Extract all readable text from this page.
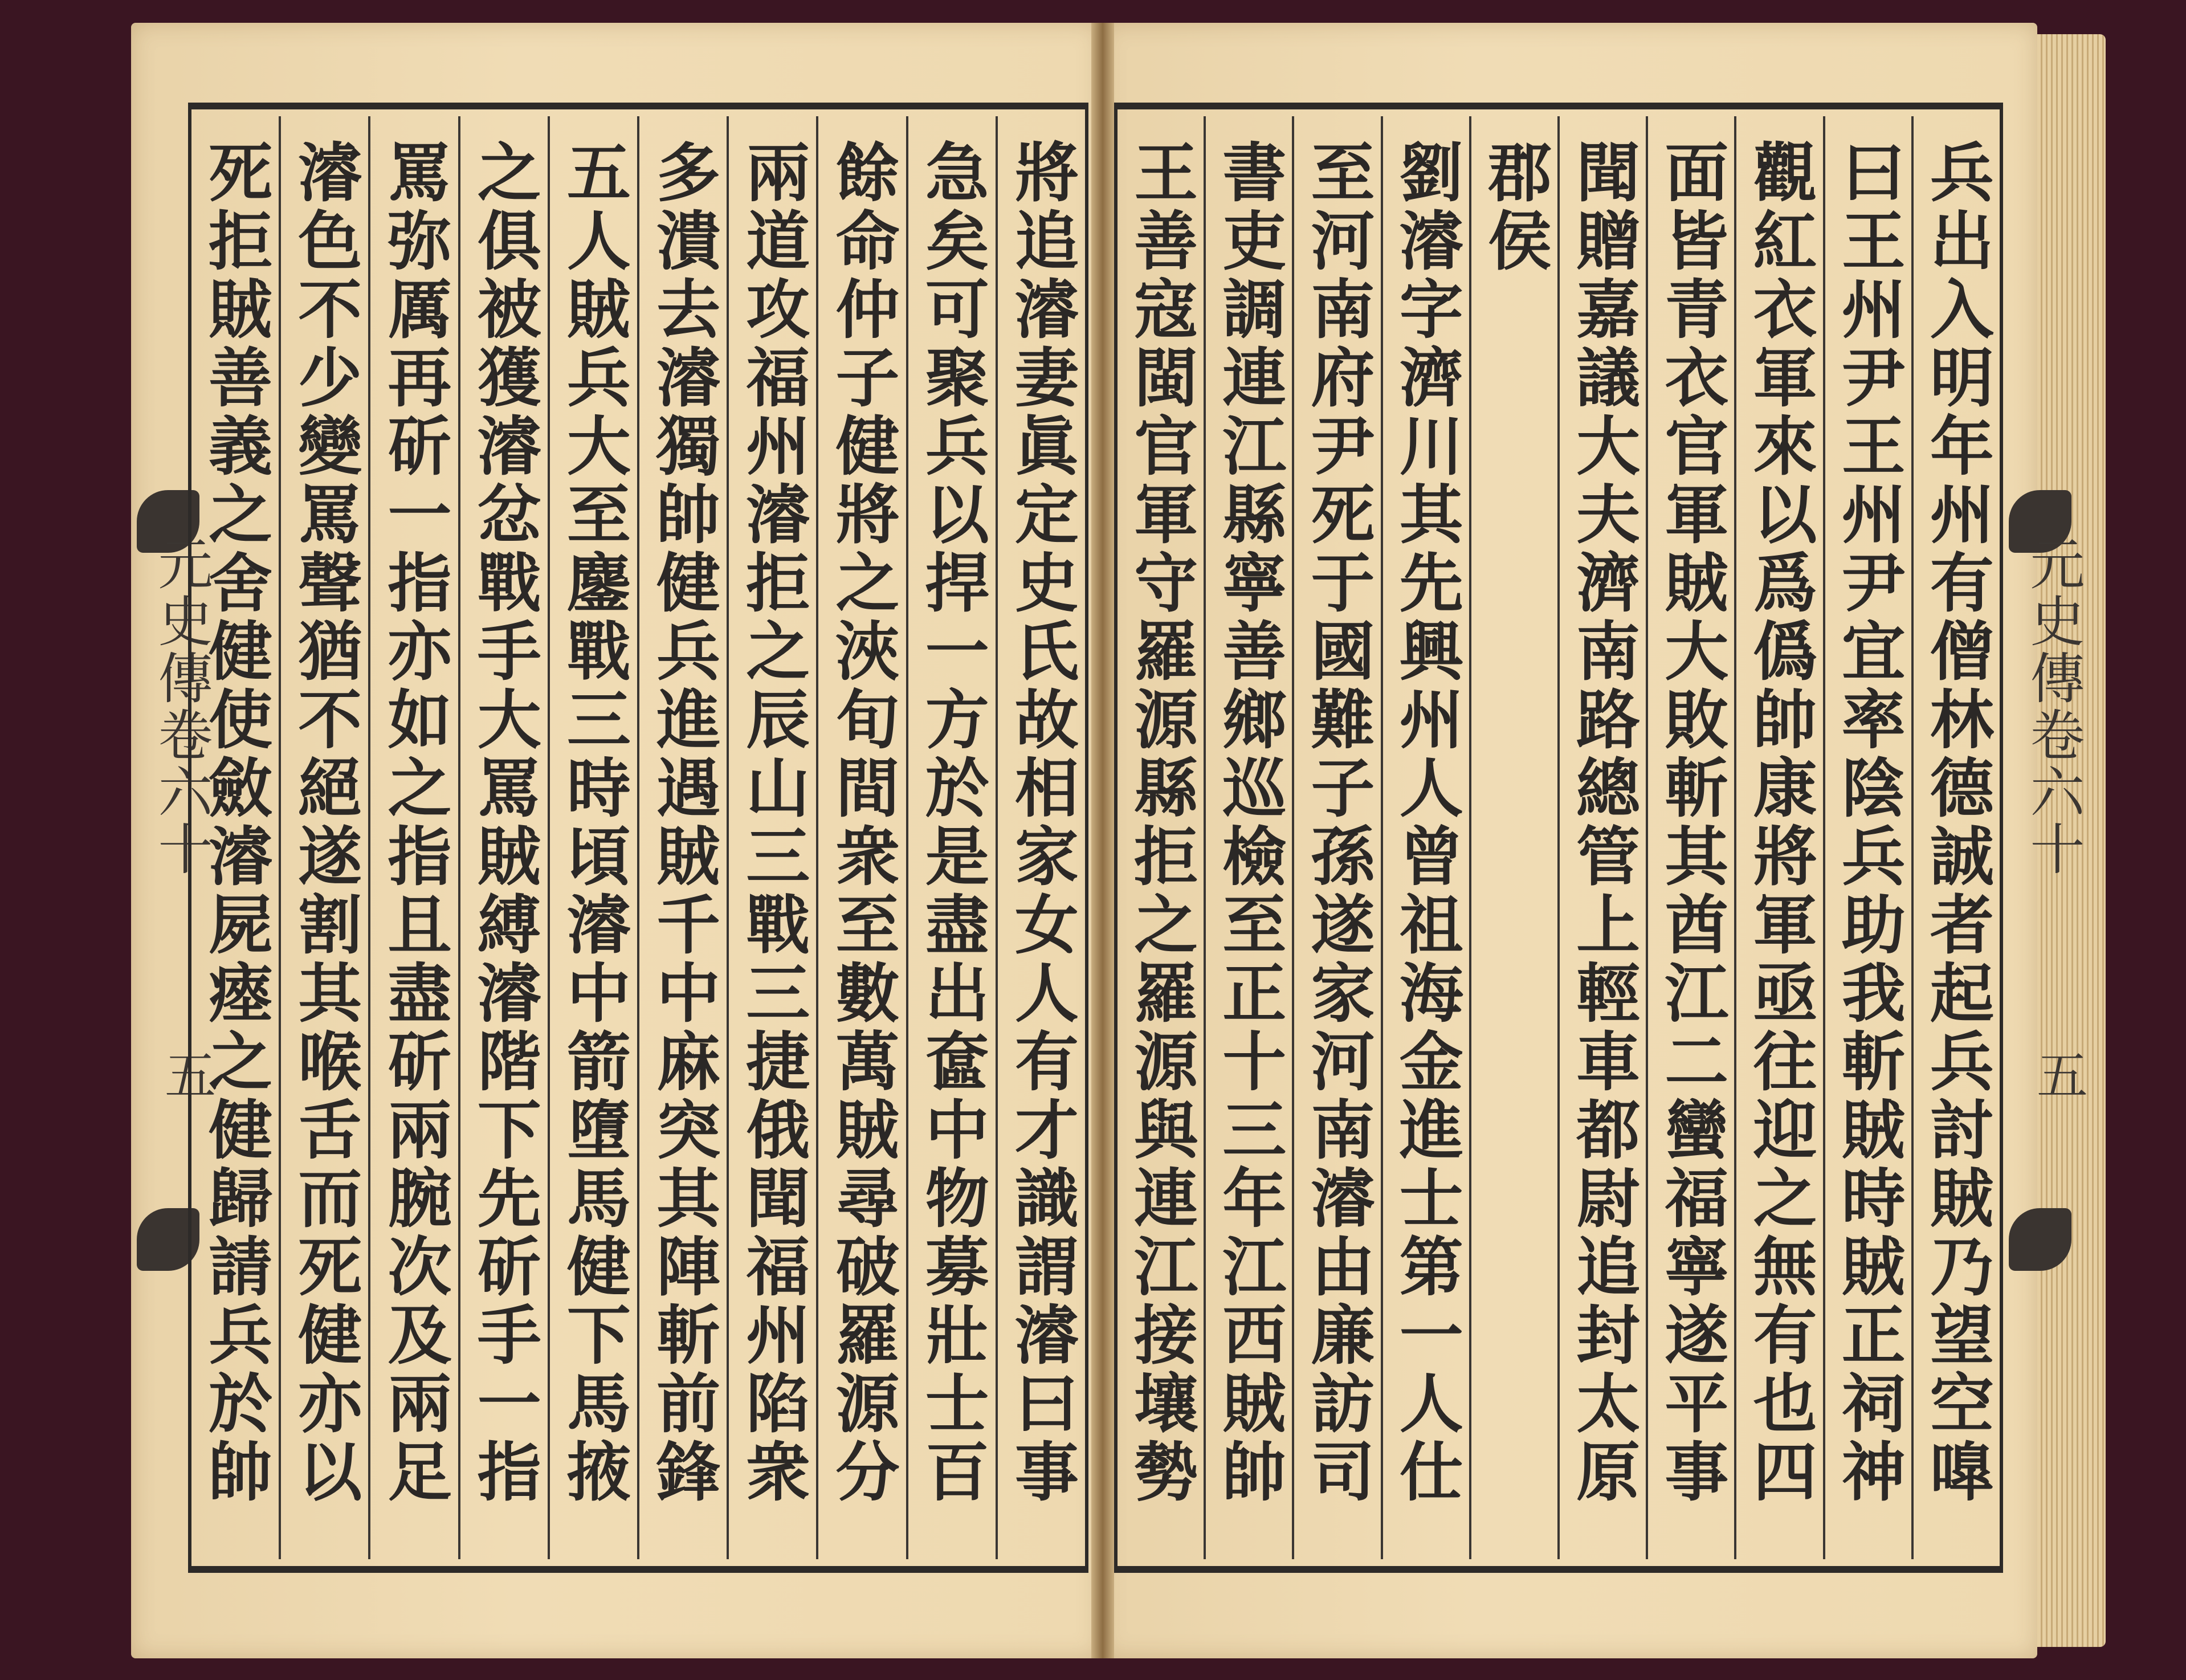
元史傳卷六十
五	將追濬妻眞定史氏故相家女人有才識謂濬曰事
急矣可聚兵以捍一方於是盡出奩中物募壯士百
餘命仲子健將之浹旬間衆至數萬賊尋破羅源分
兩道攻福州濬拒之辰山三戰三捷俄聞福州陷衆
多潰去濬獨帥健兵進遇賊千中麻突其陣斬前鋒
五人賊兵大至鏖戰三時頃濬中箭墮馬健下馬掖
之俱被獲濬忿戰手大罵賊縛濬階下先斫手一指
罵弥厲再斫一指亦如之指且盡斫兩腕次及兩足
濬色不少變罵聲猶不絕遂割其喉舌而死健亦以
死拒賊善義之舍健使斂濬屍瘞之健歸請兵於帥	兵出入明年州有僧林德誠者起兵討賊乃望空嘷
曰王州尹王州尹宜率陰兵助我斬賊時賊正祠神
觀紅衣軍來以爲僞帥康將軍亟往迎之無有也四
面皆青衣官軍賊大敗斬其酋江二蠻福寧遂平事
聞贈嘉議大夫濟南路總管上輕車都尉追封太原
郡侯
劉濬字濟川其先興州人曾祖海金進士第一人仕
至河南府尹死于國難子孫遂家河南濬由廉訪司
書吏調連江縣寧善鄉巡檢至正十三年江西賊帥
王善寇閩官軍守羅源縣拒之羅源與連江接壤勢	元史傳卷六十
五
